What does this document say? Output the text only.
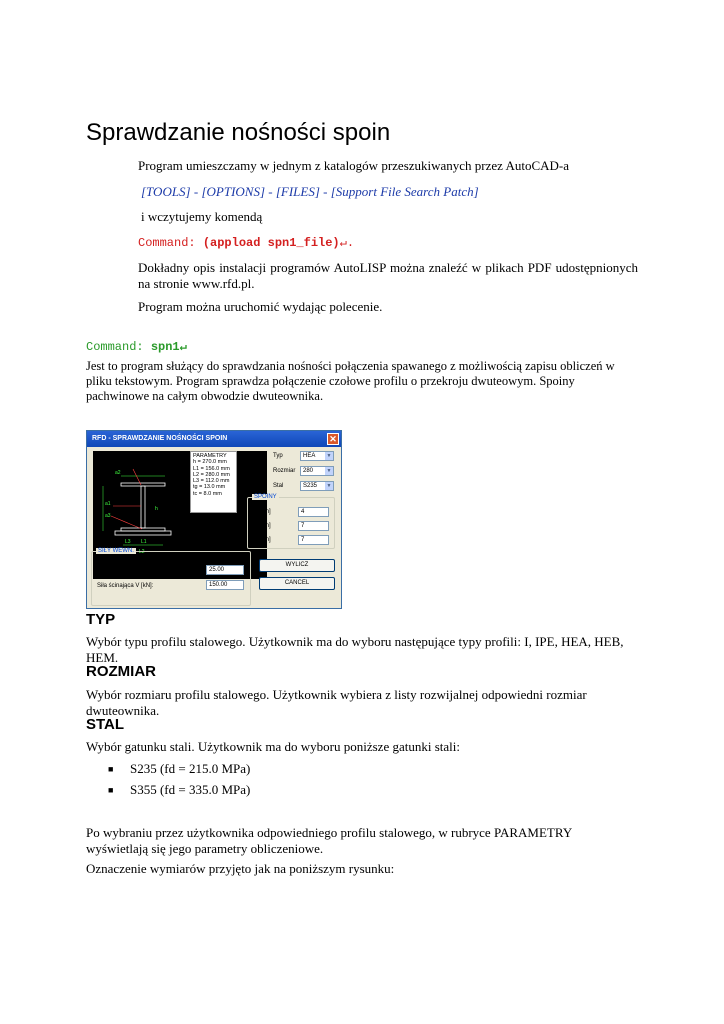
Sprawdzanie nośności spoin

Program umieszczamy w jednym z katalogów przeszukiwanych przez AutoCAD-a

[TOOLS] - [OPTIONS] - [FILES] - [Support File Search Patch]

i wczytujemy komendą

Command: (appload spn1_file)↵.

Dokładny opis instalacji programów AutoLISP można znaleźć w plikach PDF udostępnionych na stronie www.rfd.pl.

Program można uruchomić wydając polecenie.

Command: spn1↵

Jest to program służący do sprawdzania nośności połączenia spawanego z możliwością zapisu obliczeń w pliku tekstowym. Program sprawdza połączenie czołowe profilu o przekroju dwuteowym. Spoiny pachwinowe na całym obwodzie dwuteownika.

RFD - SPRAWDZANIE NOŚNOŚCI SPOIN	✕
a2
a1
a3
L3 L1
h
L2
PARAMETRY
h = 270.0 mm
L1 = 156.0 mm
L2 = 280.0 mm
L3 = 112.0 mm
tg = 13.0 mm
tc = 8.0 mm
Typ	HEA	▼
Rozmiar	280	▼
Stal	S235	▼
SPOINY
a1 [mm]	4
a2 [mm]	7
a3 [mm]	7
SIŁY WEWN.
Moment zginający M [kNm]:	25.00
Siła ścinająca V [kN]:	150.00
WYLICZ
CANCEL
TYP

Wybór typu profilu stalowego. Użytkownik ma do wyboru następujące typy profili: I, IPE, HEA, HEB, HEM.

ROZMIAR

Wybór rozmiaru profilu stalowego. Użytkownik wybiera z listy rozwijalnej odpowiedni rozmiar dwuteownika.

STAL

Wybór gatunku stali. Użytkownik ma do wyboru poniższe gatunki stali:

■ S235 (fd = 215.0 MPa)

■ S355 (fd = 335.0 MPa)

Po wybraniu przez użytkownika odpowiedniego profilu stalowego, w rubryce PARAMETRY wyświetlają się jego parametry obliczeniowe.

Oznaczenie wymiarów przyjęto jak na poniższym rysunku:
